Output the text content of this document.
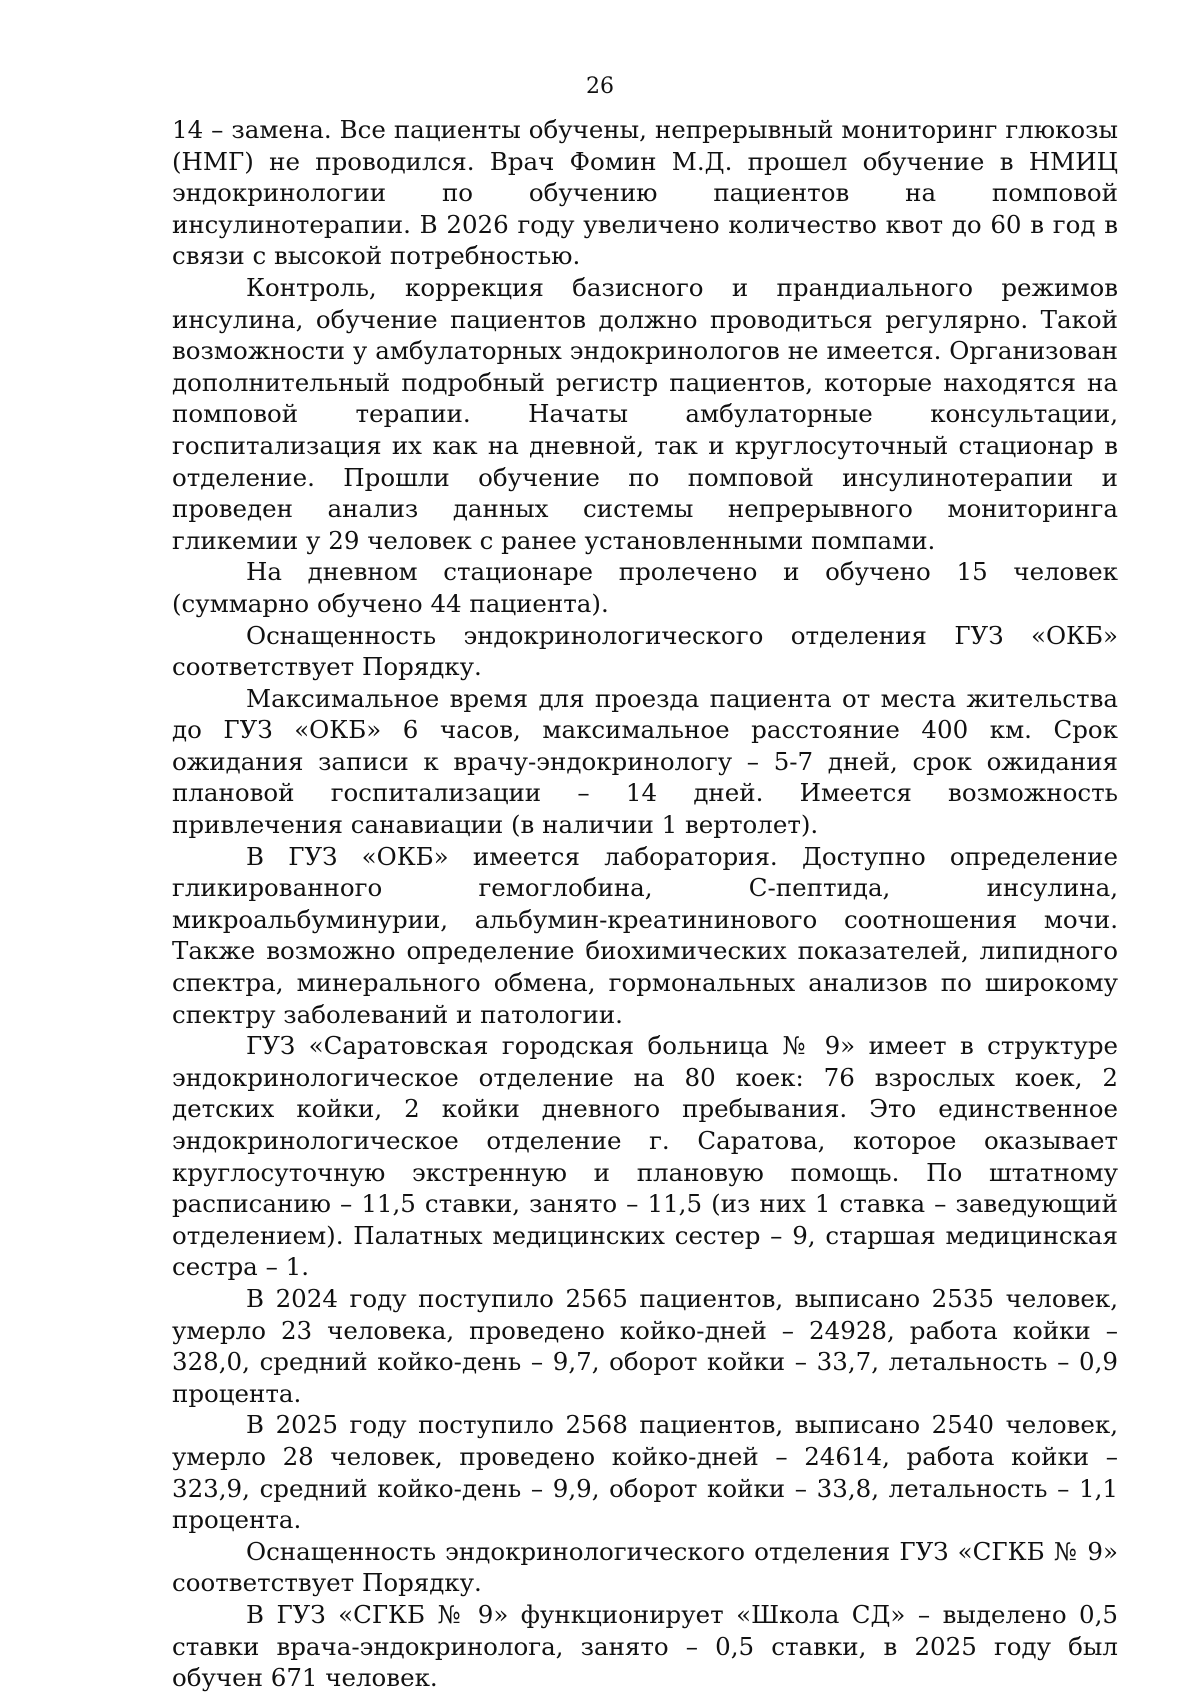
26

14 – замена. Все пациенты обучены, непрерывный мониторинг глюкозы (НМГ) не проводился. Врач Фомин М.Д. прошел обучение в НМИЦ эндокринологии по обучению пациентов на помповой инсулинотерапии. В 2026 году увеличено количество квот до 60 в год в связи с высокой потребностью.

Контроль, коррекция базисного и прандиального режимов инсулина, обучение пациентов должно проводиться регулярно. Такой возможности у амбулаторных эндокринологов не имеется. Организован дополнительный подробный регистр пациентов, которые находятся на помповой терапии. Начаты амбулаторные консультации, госпитализация их как на дневной, так и круглосуточный стационар в отделение. Прошли обучение по помповой инсулинотерапии и проведен анализ данных системы непрерывного мониторинга гликемии у 29 человек с ранее установленными помпами.

На дневном стационаре пролечено и обучено 15 человек (суммарно обучено 44 пациента).

Оснащенность эндокринологического отделения ГУЗ «ОКБ» соответствует Порядку.

Максимальное время для проезда пациента от места жительства до ГУЗ «ОКБ» 6 часов, максимальное расстояние 400 км. Срок ожидания записи к врачу-эндокринологу – 5-7 дней, срок ожидания плановой госпитализации – 14 дней. Имеется возможность привлечения санавиации (в наличии 1 вертолет).

В ГУЗ «ОКБ» имеется лаборатория. Доступно определение гликированного гемоглобина, С-пептида, инсулина, микроальбуминурии, альбумин-креатининового соотношения мочи. Также возможно определение биохимических показателей, липидного спектра, минерального обмена, гормональных анализов по широкому спектру заболеваний и патологии.

ГУЗ «Саратовская городская больница № 9» имеет в структуре эндокринологическое отделение на 80 коек: 76 взрослых коек, 2 детских койки, 2 койки дневного пребывания. Это единственное эндокринологическое отделение г. Саратова, которое оказывает круглосуточную экстренную и плановую помощь. По штатному расписанию – 11,5 ставки, занято – 11,5 (из них 1 ставка – заведующий отделением). Палатных медицинских сестер – 9, старшая медицинская сестра – 1.

В 2024 году поступило 2565 пациентов, выписано 2535 человек, умерло 23 человека, проведено койко-дней – 24928, работа койки – 328,0, средний койко-день – 9,7, оборот койки – 33,7, летальность – 0,9 процента.

В 2025 году поступило 2568 пациентов, выписано 2540 человек, умерло 28 человек, проведено койко-дней – 24614, работа койки – 323,9, средний койко-день – 9,9, оборот койки – 33,8, летальность – 1,1 процента.

Оснащенность эндокринологического отделения ГУЗ «СГКБ № 9» соответствует Порядку.

В ГУЗ «СГКБ № 9» функционирует «Школа СД» – выделено 0,5 ставки врача-эндокринолога, занято – 0,5 ставки, в 2025 году был обучен 671 человек.
